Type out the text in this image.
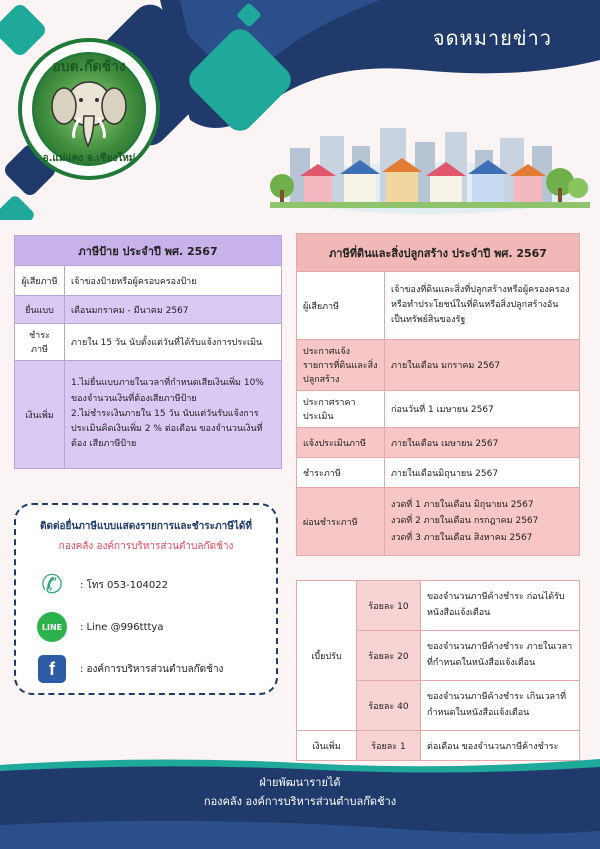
จดหมายข่าว
อบต.ก๊ดช้าง
อ.แม่แตง จ.เชียงใหม่
ภาษีป้าย ประจำปี พศ. 2567	
ผู้เสียภาษี	เจ้าของป้ายหรือผู้ครอบครองป้าย
ยื่นแบบ	เดือนมกราคม - มีนาคม 2567
ชำระภาษี	ภายใน 15 วัน นับตั้งแต่วันที่ได้รับแจ้งการประเมิน
เงินเพิ่ม	1.ไม่ยื่นแบบภายในเวลาที่กำหนดเสียเงินเพิ่ม 10% ของจำนวนเงินที่ต้องเสียภาษีป้าย
2.ไม่ชำระเงินภายใน 15 วัน นับแต่วันรับแจ้งการประเมินคิดเงินเพิ่ม 2 % ต่อเดือน ของจำนวนเงินที่ต้อง เสียภาษีป้าย
ภาษีที่ดินและสิ่งปลูกสร้าง ประจำปี พศ. 2567	
ผู้เสียภาษี	เจ้าของที่ดินและสิ่งที่ปลูกสร้างหรือผู้ครองครองหรือทำประโยชน์ในที่ดินหรือสิ่งปลูกสร้างอันเป็นทรัพย์สินของรัฐ
ประกาศแจ้งรายการที่ดินและสิ่งปลูกสร้าง	ภายในเดือน มกราคม 2567
ประกาศราคาประเมิน	ก่อนวันที่ 1 เมษายน 2567
แจ้งประเมินภาษี	ภายในเดือน เมษายน 2567
ชำระภาษี	ภายในเดือนมิถุนายน 2567
ผ่อนชำระภาษี	งวดที่ 1 ภายในเดือน มิถุนายน 2567
งวดที่ 2 ภายในเดือน กรกฎาคม 2567
งวดที่ 3 ภายในเดือน สิงหาคม 2567
ติดต่อยื่นภาษีแบบแสดงรายการและชำระภาษีได้ที่
กองคลัง องค์การบริหารส่วนตำบลก๊ดช้าง
✆	: โทร 053-104022
LINE	: Line @996tttya
f	: องค์การบริหารส่วนตำบลก๊ดช้าง
เบี้ยปรับ	ร้อยละ 10	ของจำนวนภาษีค้างชำระ ก่อนได้รับหนังสือแจ้งเตือน
	ร้อยละ 20	ของจำนวนภาษีค้างชำระ ภายในเวลาที่กำหนดในหนังสือแจ้งเตือน
	ร้อยละ 40	ของจำนวนภาษีค้างชำระ เกินเวลาที่กำหนดในหนังสือแจ้งเตือน
เงินเพิ่ม	ร้อยละ 1	ต่อเดือน ของจำนวนภาษีค้างชำระ
ฝ่ายพัฒนารายได้
กองคลัง องค์การบริหารส่วนตำบลก๊ดช้าง
